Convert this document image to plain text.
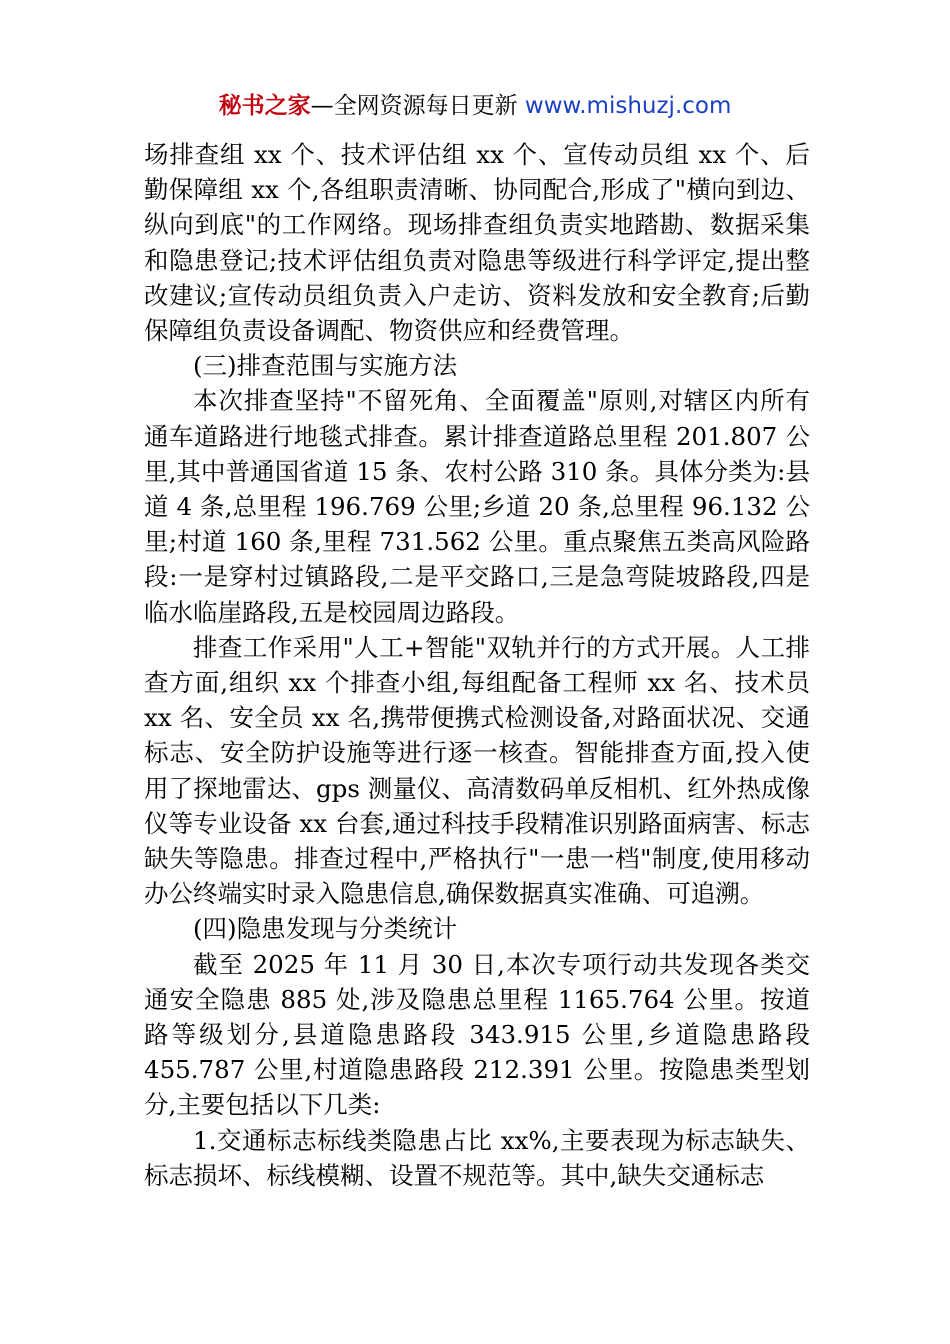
秘书之家—全网资源每日更新 www.mishuzj.com

场排查组 xx 个、技术评估组 xx 个、宣传动员组 xx 个、后勤保障组 xx 个,各组职责清晰、协同配合,形成了"横向到边、纵向到底"的工作网络。现场排查组负责实地踏勘、数据采集和隐患登记;技术评估组负责对隐患等级进行科学评定,提出整改建议;宣传动员组负责入户走访、资料发放和安全教育;后勤保障组负责设备调配、物资供应和经费管理。

(三)排查范围与实施方法

本次排查坚持"不留死角、全面覆盖"原则,对辖区内所有通车道路进行地毯式排查。累计排查道路总里程 201.807 公里,其中普通国省道 15 条、农村公路 310 条。具体分类为:县道 4 条,总里程 196.769 公里;乡道 20 条,总里程 96.132 公里;村道 160 条,里程 731.562 公里。重点聚焦五类高风险路段:一是穿村过镇路段,二是平交路口,三是急弯陡坡路段,四是临水临崖路段,五是校园周边路段。

排查工作采用"人工+智能"双轨并行的方式开展。人工排查方面,组织 xx 个排查小组,每组配备工程师 xx 名、技术员 xx 名、安全员 xx 名,携带便携式检测设备,对路面状况、交通标志、安全防护设施等进行逐一核查。智能排查方面,投入使用了探地雷达、gps 测量仪、高清数码单反相机、红外热成像仪等专业设备 xx 台套,通过科技手段精准识别路面病害、标志缺失等隐患。排查过程中,严格执行"一患一档"制度,使用移动办公终端实时录入隐患信息,确保数据真实准确、可追溯。

(四)隐患发现与分类统计

截至 2025 年 11 月 30 日,本次专项行动共发现各类交通安全隐患 885 处,涉及隐患总里程 1165.764 公里。按道路等级划分,县道隐患路段 343.915 公里,乡道隐患路段 455.787 公里,村道隐患路段 212.391 公里。按隐患类型划分,主要包括以下几类:

1.交通标志标线类隐患占比 xx%,主要表现为标志缺失、标志损坏、标线模糊、设置不规范等。其中,缺失交通标志
